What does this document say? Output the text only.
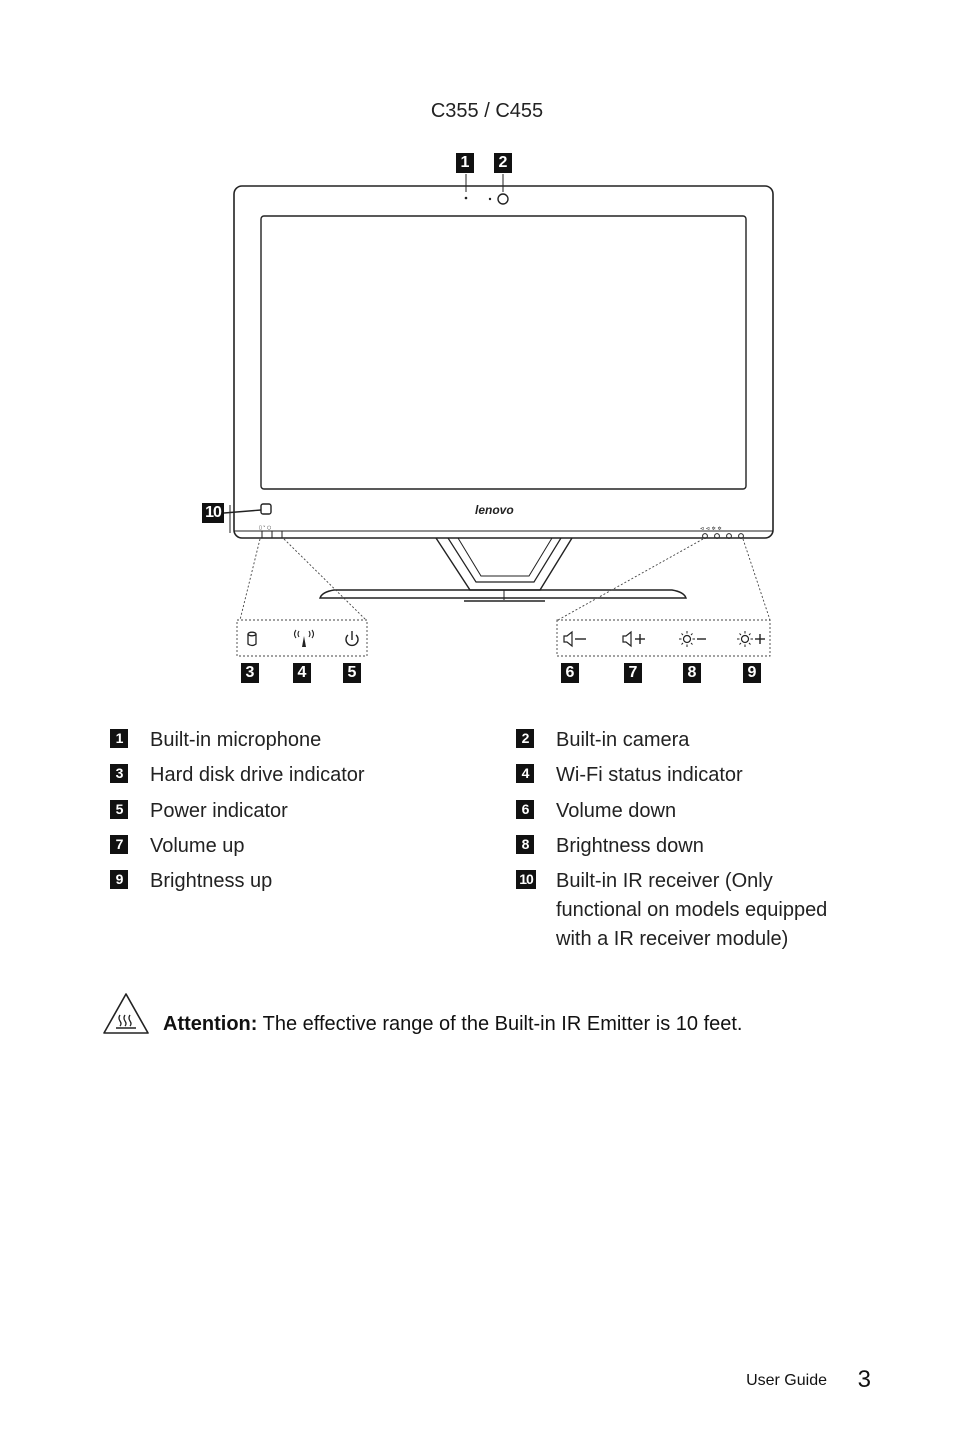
C355 / C455
▯ ᵛ ○	⊲ ⊲ ✲ ✲
lenovo
1 2
10
3	4	5	6	7	8	9
1 Built-in microphone
3 Hard disk drive indicator
5 Power indicator
7 Volume up
9 Brightness up
2 Built-in camera
4 Wi-Fi status indicator
6 Volume down
8 Brightness down
10 Built-in IR receiver (Only functional on models equipped with a IR receiver module)
Attention: The effective range of the Built-in IR Emitter is 10 feet.
User Guide 3
